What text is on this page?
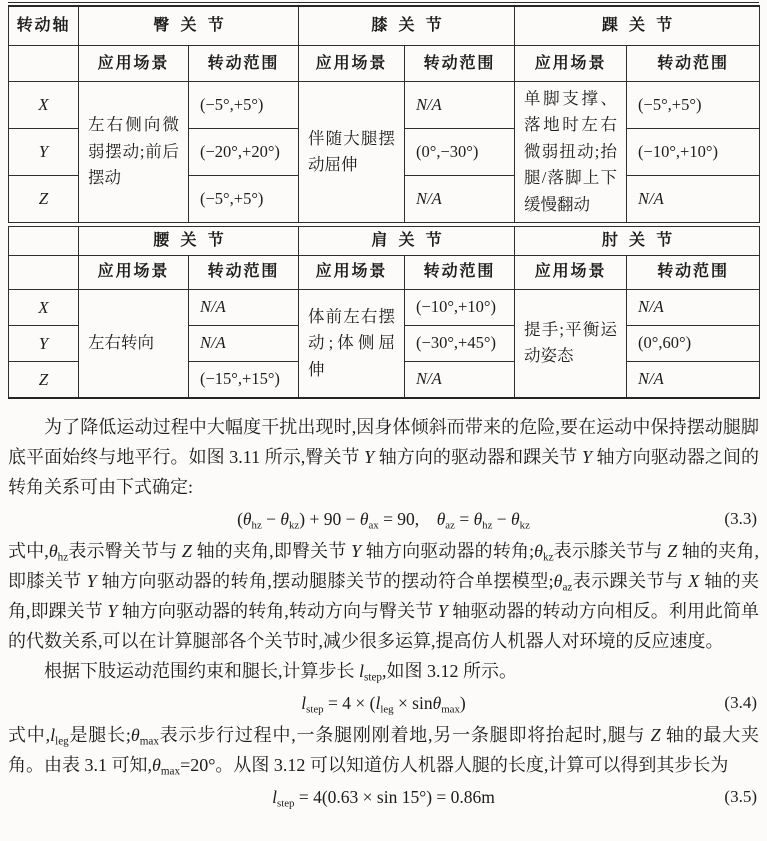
转动轴	臀关节		膝关节		踝关节	
	应用场景	转动范围	应用场景	转动范围	应用场景	转动范围
X	左右侧向微弱摆动;前后摆动	(−5°,+5°)	伴随大腿摆动屈伸	N/A	单脚支撑、落地时左右微弱扭动;抬腿/落脚上下缓慢翻动	(−5°,+5°)
Y		(−20°,+20°)		(0°,−30°)		(−10°,+10°)
Z		(−5°,+5°)		N/A		N/A
	腰关节		肩关节		肘关节	
	应用场景	转动范围	应用场景	转动范围	应用场景	转动范围
X	左右转向	N/A	体前左右摆动;体侧屈伸	(−10°,+10°)	提手;平衡运动姿态	N/A
Y		N/A		(−30°,+45°)		(0°,60°)
Z		(−15°,+15°)		N/A		N/A

为了降低运动过程中大幅度干扰出现时,因身体倾斜而带来的危险,要在运动中保持摆动腿脚底平面始终与地平行。如图 3.11 所示,臀关节 Y 轴方向的驱动器和踝关节 Y 轴方向驱动器之间的转角关系可由下式确定:

$(\theta_{hz} - \theta_{kz}) + 90 - \theta_{ax} = 90$, $\theta_{az} = \theta_{hz} - \theta_{kz}$	(3.3)

式中$,\theta_{hz}$表示臀关节与 Z 轴的夹角,即臀关节 Y 轴方向驱动器的转角$;\theta_{kz}$表示膝关节与 Z 轴的夹角,即膝关节 Y 轴方向驱动器的转角,摆动腿膝关节的摆动符合单摆模型$;\theta_{az}$表示踝关节与 X 轴的夹角,即踝关节 Y 轴方向驱动器的转角,转动方向与臀关节 Y 轴驱动器的转动方向相反。利用此简单的代数关系,可以在计算腿部各个关节时,减少很多运算,提高仿人机器人对环境的反应速度。

根据下肢运动范围约束和腿长,计算步长 $l_{step}$,如图 3.12 所示。

$l_{step} = 4 \times (l_{leg} \times \sin\theta_{max})$	(3.4)

式中$,l_{leg}$是腿长$;\theta_{max}$表示步行过程中,一条腿刚刚着地,另一条腿即将抬起时,腿与 Z 轴的最大夹角。由表 3.1 可知$,\theta_{max}=20^\circ$。从图 3.12 可以知道仿人机器人腿的长度,计算可以得到其步长为

$l_{step} = 4(0.63 \times \sin 15^\circ) = 0.86m$	(3.5)
